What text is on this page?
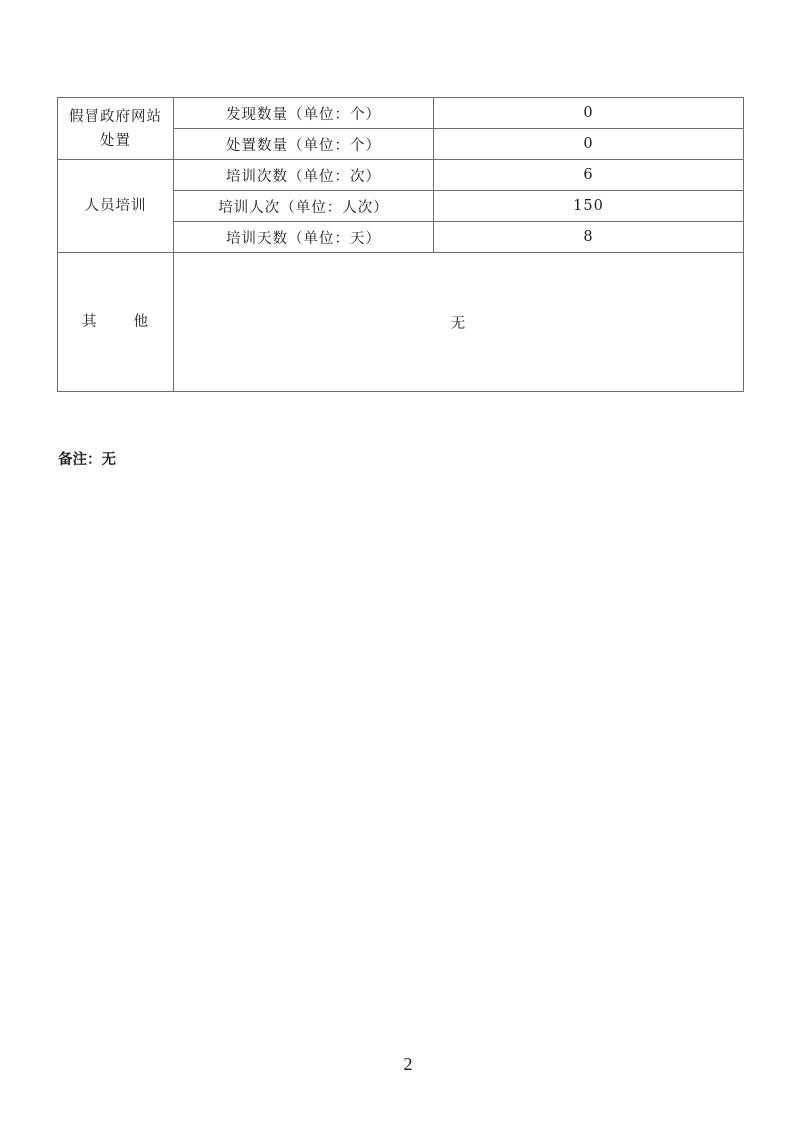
假冒政府网站
处置	发现数量（单位：个）	0
	处置数量（单位：个）	0
人员培训	培训次数（单位：次）	6
	培训人次（单位：人次）	150
	培训天数（单位：天）	8
其 他	无	
备注：无
2
